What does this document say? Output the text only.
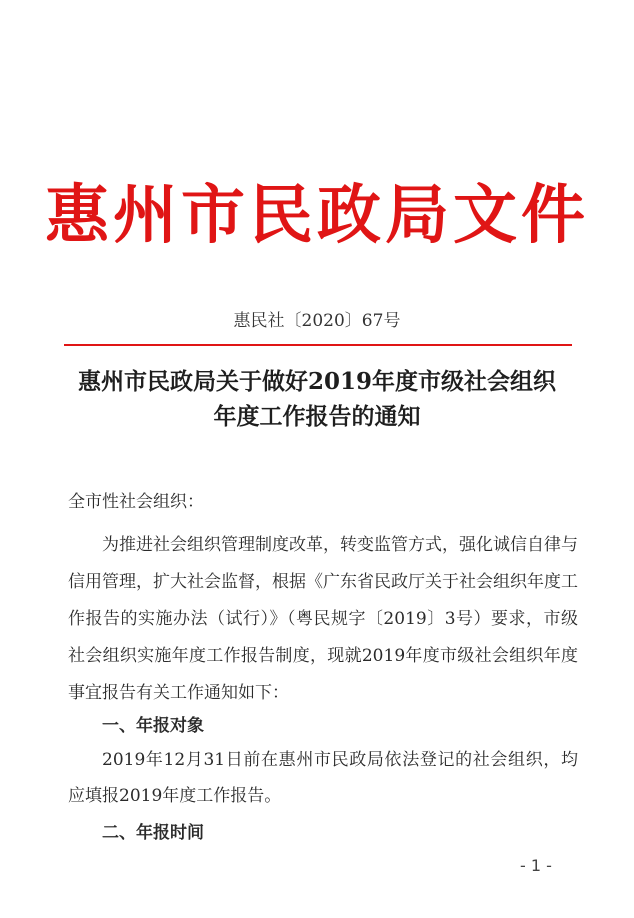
惠州市民政局文件
惠民社〔2020〕67号
惠州市民政局关于做好2019年度市级社会组织
年度工作报告的通知
全市性社会组织：
为推进社会组织管理制度改革，转变监管方式，强化诚信自律与信用管理，扩大社会监督，根据《广东省民政厅关于社会组织年度工作报告的实施办法（试行）》（粤民规字〔2019〕3号）要求，市级社会组织实施年度工作报告制度，现就2019年度市级社会组织年度事宜报告有关工作通知如下：
一、年报对象
2019年12月31日前在惠州市民政局依法登记的社会组织，均应填报2019年度工作报告。
二、年报时间
- 1 -
